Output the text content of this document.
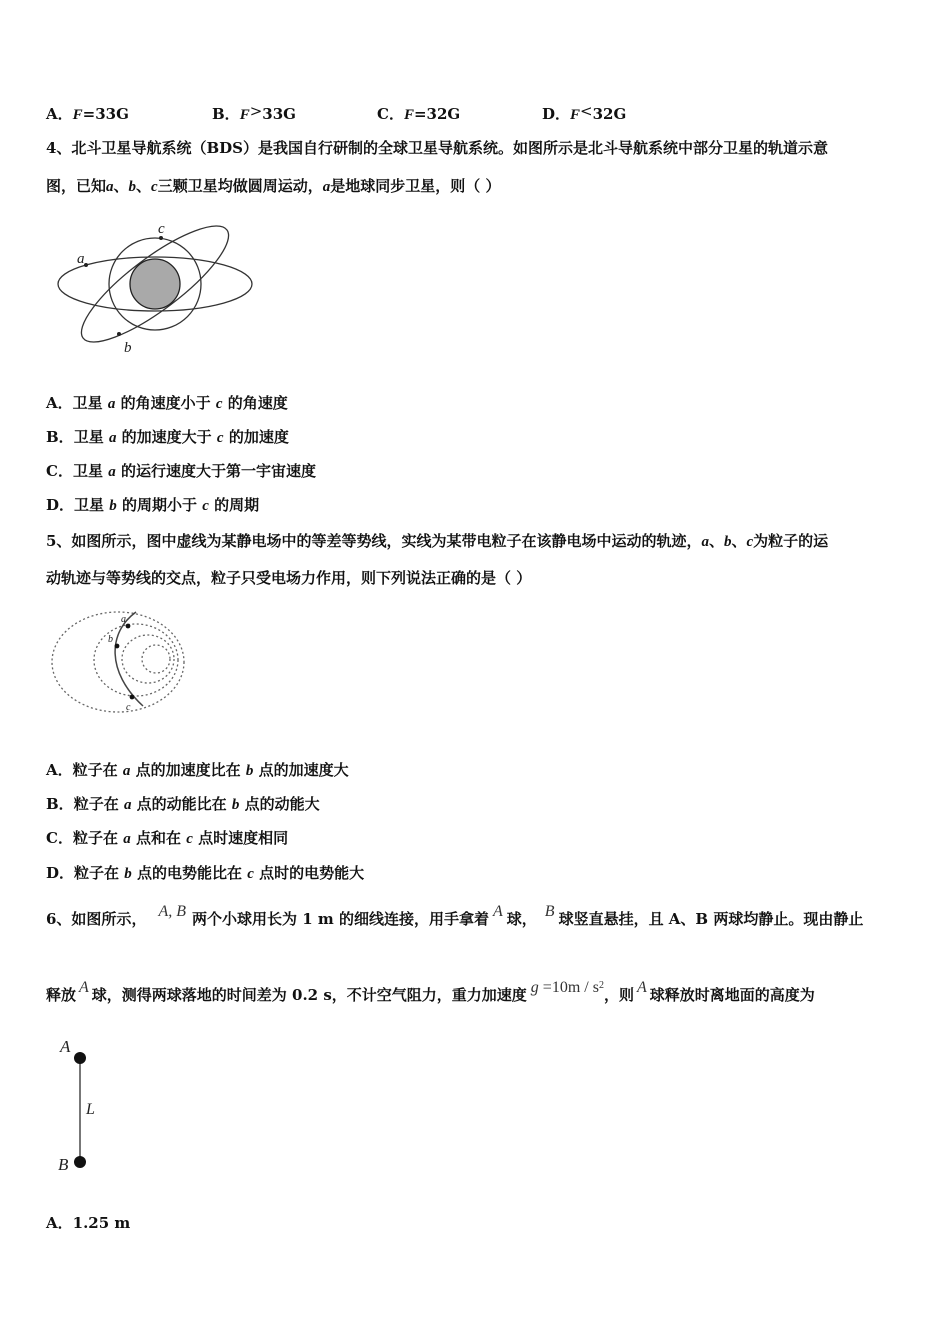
A．F=33G	B．F>33G	C．F=32G	D．F<32G
4、北斗卫星导航系统（BDS）是我国自行研制的全球卫星导航系统。如图所示是北斗导航系统中部分卫星的轨道示意
图，已知a、b、c三颗卫星均做圆周运动，a是地球同步卫星，则（ ）
a
b
c
A．卫星 a 的角速度小于 c 的角速度
B．卫星 a 的加速度大于 c 的加速度
C．卫星 a 的运行速度大于第一宇宙速度
D．卫星 b 的周期小于 c 的周期
5、如图所示，图中虚线为某静电场中的等差等势线，实线为某带电粒子在该静电场中运动的轨迹，a、b、c为粒子的运
动轨迹与等势线的交点，粒子只受电场力作用，则下列说法正确的是（ ）
a
b
c
A．粒子在 a 点的加速度比在 b 点的加速度大
B．粒子在 a 点的动能比在 b 点的动能大
C．粒子在 a 点和在 c 点时速度相同
D．粒子在 b 点的电势能比在 c 点时的电势能大
6、如图所示， A, B 两个小球用长为 1 m 的细线连接，用手拿着 A 球， B 球竖直悬挂，且 A、B 两球均静止。现由静止
释放 A 球，测得两球落地的时间差为 0.2 s，不计空气阻力，重力加速度 $g =10m / s^2$，则 A 球释放时离地面的高度为
A
L
B
A．1.25 m
